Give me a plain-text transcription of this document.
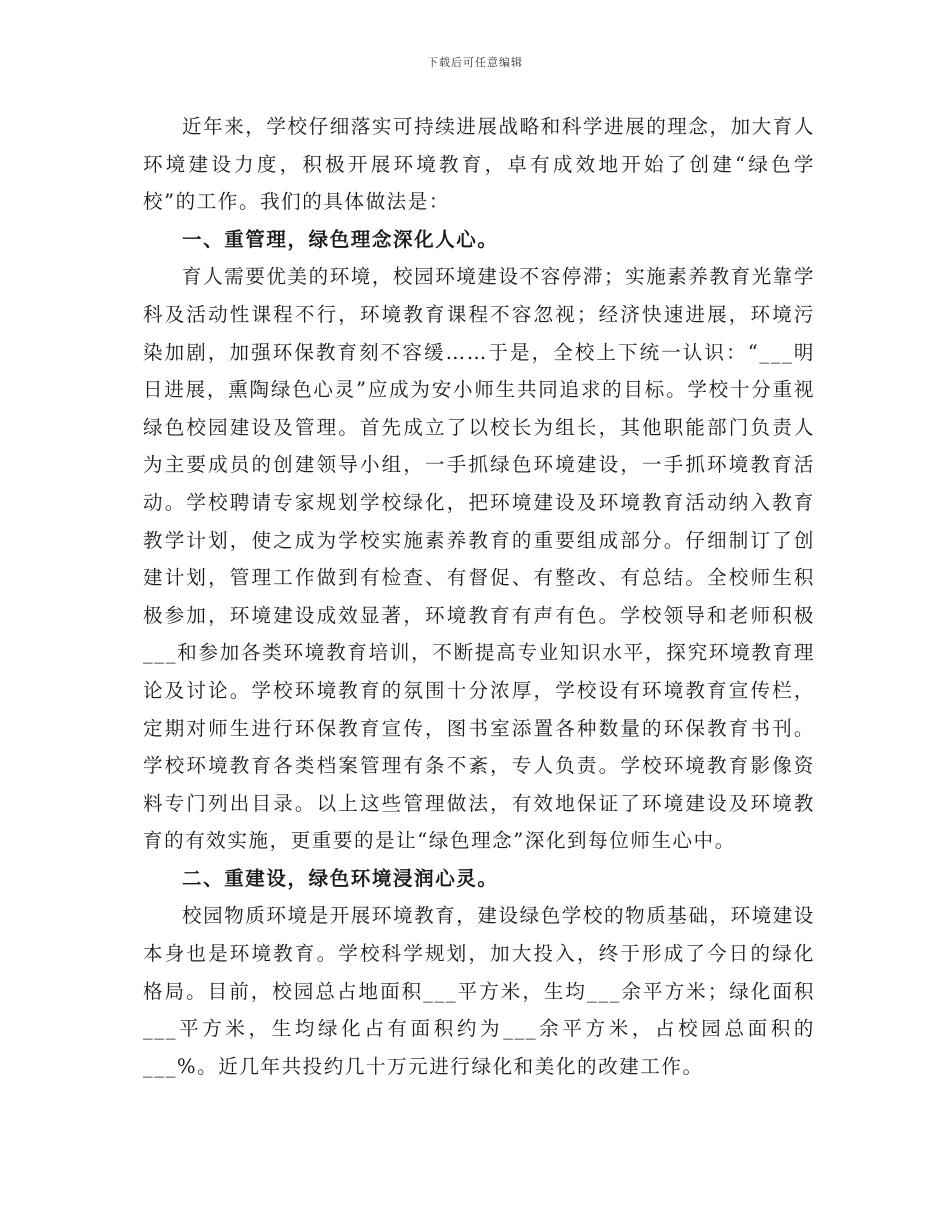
下载后可任意编辑

近年来，学校仔细落实可持续进展战略和科学进展的理念，加大育人环境建设力度，积极开展环境教育，卓有成效地开始了创建“绿色学校”的工作。我们的具体做法是：

一、重管理，绿色理念深化人心。

育人需要优美的环境，校园环境建设不容停滞；实施素养教育光靠学科及活动性课程不行，环境教育课程不容忽视；经济快速进展，环境污染加剧，加强环保教育刻不容缓……于是，全校上下统一认识：“___明日进展，熏陶绿色心灵”应成为安小师生共同追求的目标。学校十分重视绿色校园建设及管理。首先成立了以校长为组长，其他职能部门负责人为主要成员的创建领导小组，一手抓绿色环境建设，一手抓环境教育活动。学校聘请专家规划学校绿化，把环境建设及环境教育活动纳入教育教学计划，使之成为学校实施素养教育的重要组成部分。仔细制订了创建计划，管理工作做到有检查、有督促、有整改、有总结。全校师生积极参加，环境建设成效显著，环境教育有声有色。学校领导和老师积极___和参加各类环境教育培训，不断提高专业知识水平，探究环境教育理论及讨论。学校环境教育的氛围十分浓厚，学校设有环境教育宣传栏，定期对师生进行环保教育宣传，图书室添置各种数量的环保教育书刊。学校环境教育各类档案管理有条不紊，专人负责。学校环境教育影像资料专门列出目录。以上这些管理做法，有效地保证了环境建设及环境教育的有效实施，更重要的是让“绿色理念”深化到每位师生心中。

二、重建设，绿色环境浸润心灵。

校园物质环境是开展环境教育，建设绿色学校的物质基础，环境建设本身也是环境教育。学校科学规划，加大投入，终于形成了今日的绿化格局。目前，校园总占地面积___平方米，生均___余平方米；绿化面积___平方米，生均绿化占有面积约为___余平方米，占校园总面积的___%。近几年共投约几十万元进行绿化和美化的改建工作。
